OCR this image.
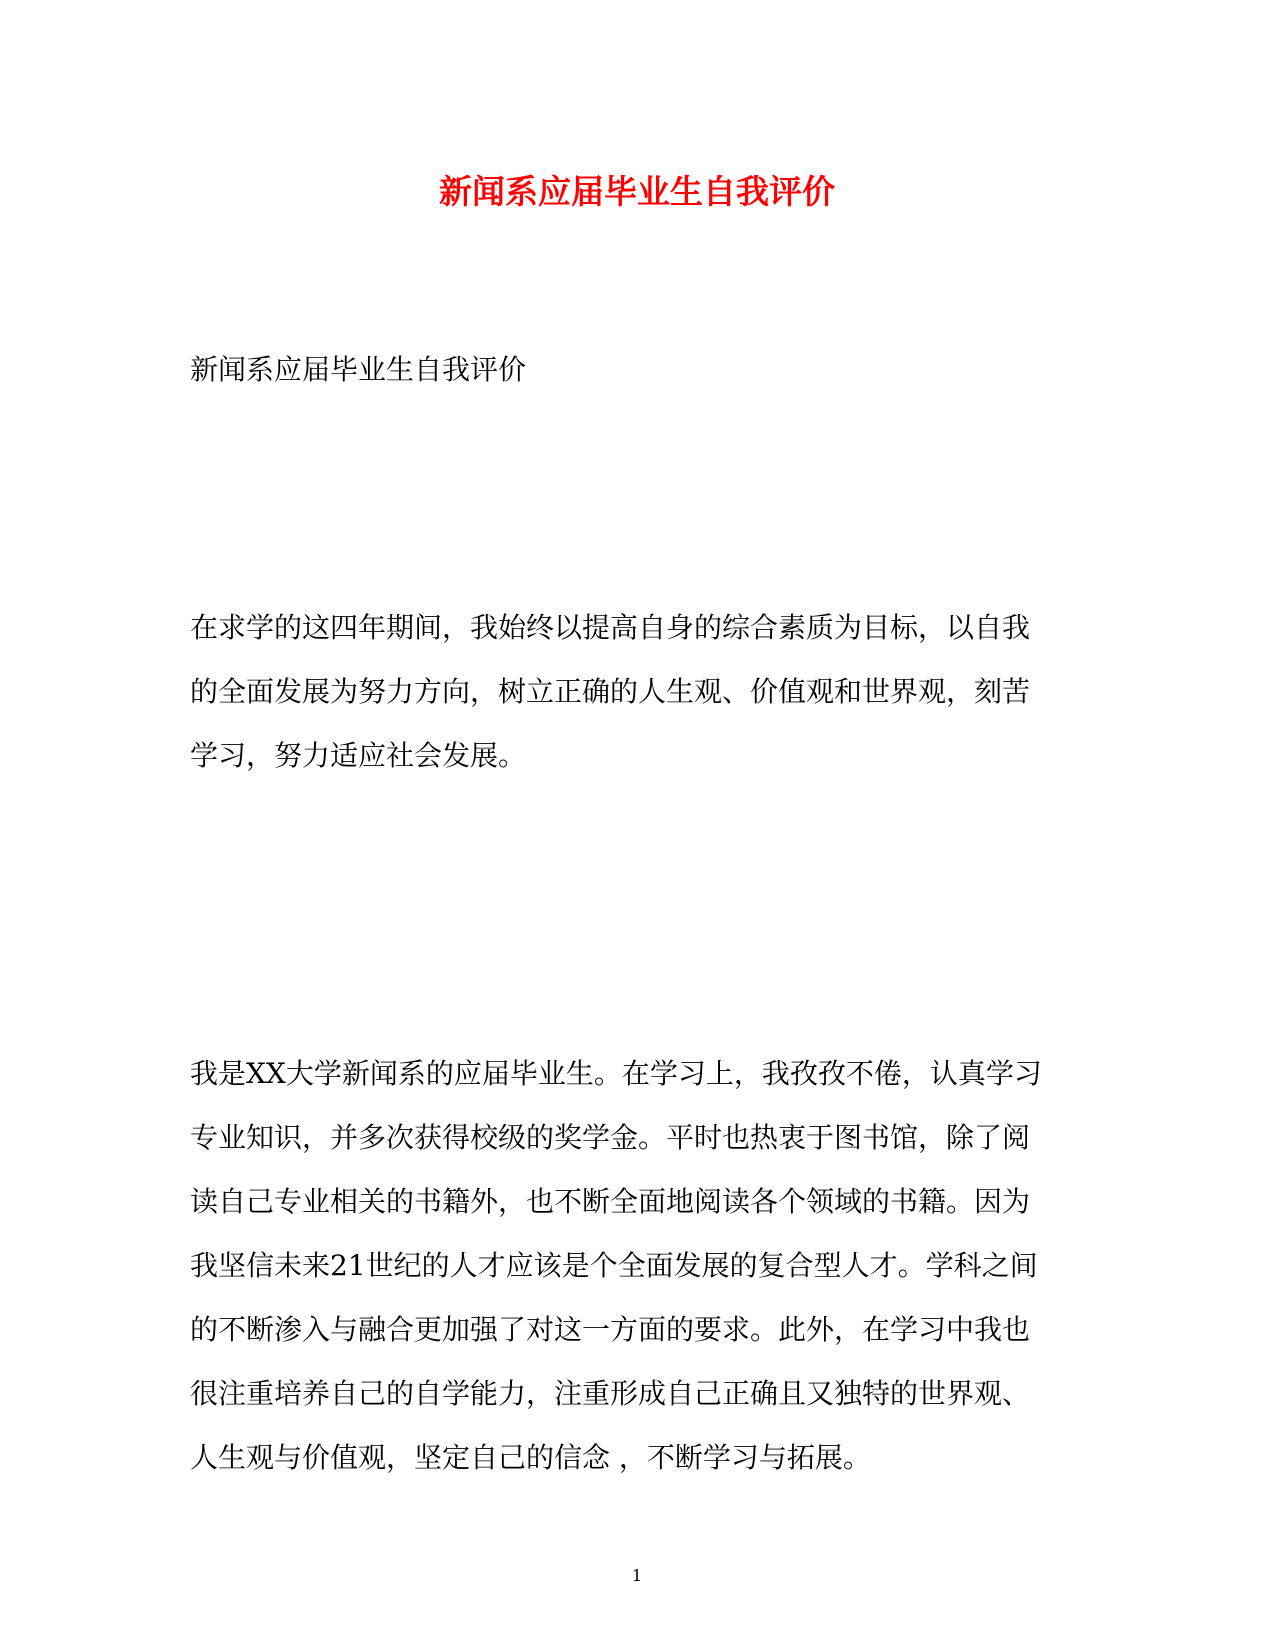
新闻系应届毕业生自我评价

新闻系应届毕业生自我评价

在求学的这四年期间，我始终以提高自身的综合素质为目标，以自我
的全面发展为努力方向，树立正确的人生观、价值观和世界观，刻苦
学习，努力适应社会发展。

我是XX大学新闻系的应届毕业生。在学习上，我孜孜不倦，认真学习
专业知识，并多次获得校级的奖学金。平时也热衷于图书馆，除了阅
读自己专业相关的书籍外，也不断全面地阅读各个领域的书籍。因为
我坚信未来21世纪的人才应该是个全面发展的复合型人才。学科之间
的不断渗入与融合更加强了对这一方面的要求。此外，在学习中我也
很注重培养自己的自学能力，注重形成自己正确且又独特的世界观、
人生观与价值观，坚定自己的信念 ，不断学习与拓展。

1
